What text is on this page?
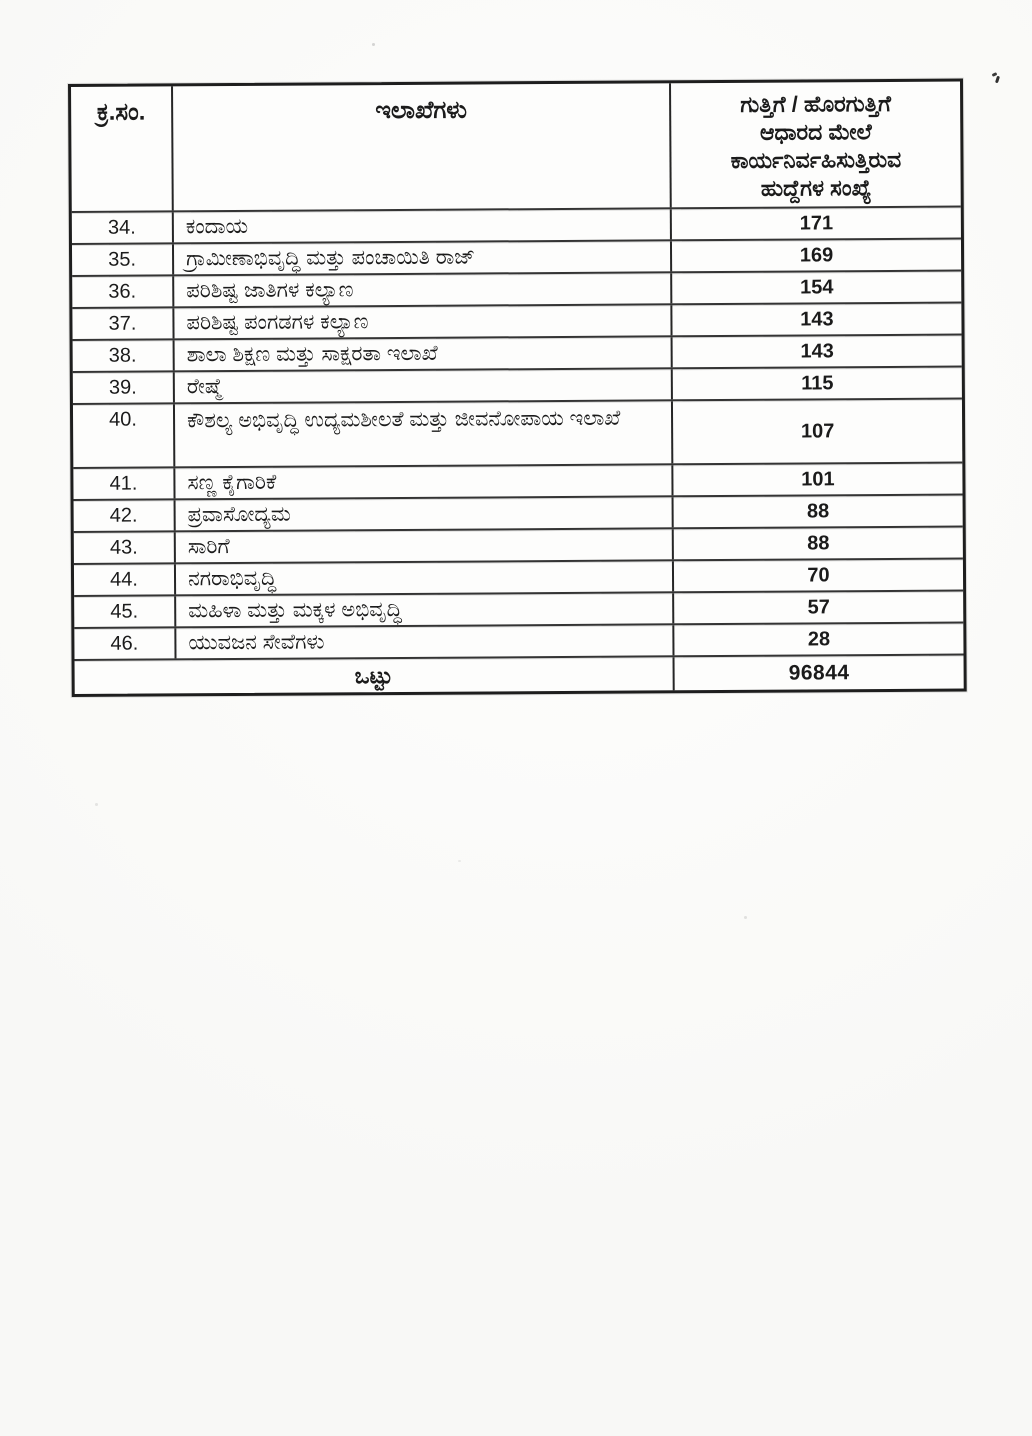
ಕ್ರ.ಸಂ.	ಇಲಾಖೆಗಳು	ಗುತ್ತಿಗೆ / ಹೊರಗುತ್ತಿಗೆ
ಆಧಾರದ ಮೇಲೆ
ಕಾರ್ಯನಿರ್ವಹಿಸುತ್ತಿರುವ
ಹುದ್ದೆಗಳ ಸಂಖ್ಯೆ
34.	ಕಂದಾಯ	171
35.	ಗ್ರಾಮೀಣಾಭಿವೃದ್ಧಿ ಮತ್ತು ಪಂಚಾಯಿತಿ ರಾಜ್	169
36.	ಪರಿಶಿಷ್ಟ ಜಾತಿಗಳ ಕಲ್ಯಾಣ	154
37.	ಪರಿಶಿಷ್ಟ ಪಂಗಡಗಳ ಕಲ್ಯಾಣ	143
38.	ಶಾಲಾ ಶಿಕ್ಷಣ ಮತ್ತು ಸಾಕ್ಷರತಾ ಇಲಾಖೆ	143
39.	ರೇಷ್ಮೆ	115
40.	ಕೌಶಲ್ಯ ಅಭಿವೃದ್ಧಿ ಉದ್ಯಮಶೀಲತೆ ಮತ್ತು ಜೀವನೋಪಾಯ ಇಲಾಖೆ	107
41.	ಸಣ್ಣ ಕೈಗಾರಿಕೆ	101
42.	ಪ್ರವಾಸೋದ್ಯಮ	88
43.	ಸಾರಿಗೆ	88
44.	ನಗರಾಭಿವೃದ್ಧಿ	70
45.	ಮಹಿಳಾ ಮತ್ತು ಮಕ್ಕಳ ಅಭಿವೃದ್ಧಿ	57
46.	ಯುವಜನ ಸೇವೆಗಳು	28
ಒಟ್ಟು	96844
